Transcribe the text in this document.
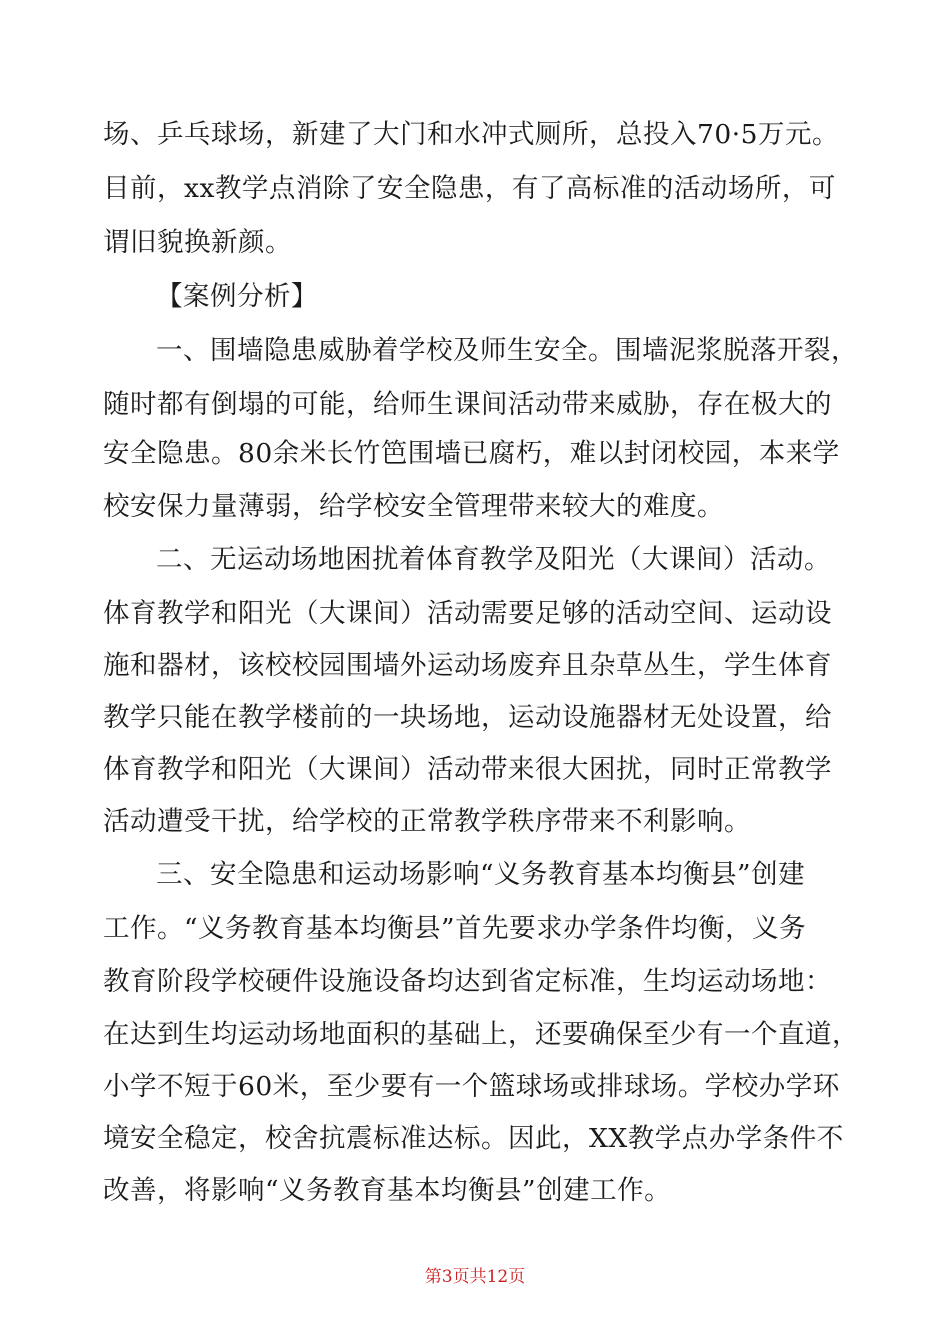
场、乒乓球场，新建了大门和水冲式厕所，总投入70·5万元。
目前，xx教学点消除了安全隐患，有了高标准的活动场所，可
谓旧貌换新颜。
【案例分析】
一、围墙隐患威胁着学校及师生安全。围墙泥浆脱落开裂，
随时都有倒塌的可能，给师生课间活动带来威胁，存在极大的
安全隐患。80余米长竹笆围墙已腐朽，难以封闭校园，本来学
校安保力量薄弱，给学校安全管理带来较大的难度。
二、无运动场地困扰着体育教学及阳光（大课间）活动。
体育教学和阳光（大课间）活动需要足够的活动空间、运动设
施和器材，该校校园围墙外运动场废弃且杂草丛生，学生体育
教学只能在教学楼前的一块场地，运动设施器材无处设置，给
体育教学和阳光（大课间）活动带来很大困扰，同时正常教学
活动遭受干扰，给学校的正常教学秩序带来不利影响。
三、安全隐患和运动场影响“义务教育基本均衡县”创建
工作。“义务教育基本均衡县”首先要求办学条件均衡，义务
教育阶段学校硬件设施设备均达到省定标准，生均运动场地：
在达到生均运动场地面积的基础上，还要确保至少有一个直道，
小学不短于60米，至少要有一个篮球场或排球场。学校办学环
境安全稳定，校舍抗震标准达标。因此，XX教学点办学条件不
改善，将影响“义务教育基本均衡县”创建工作。
第3页共12页
